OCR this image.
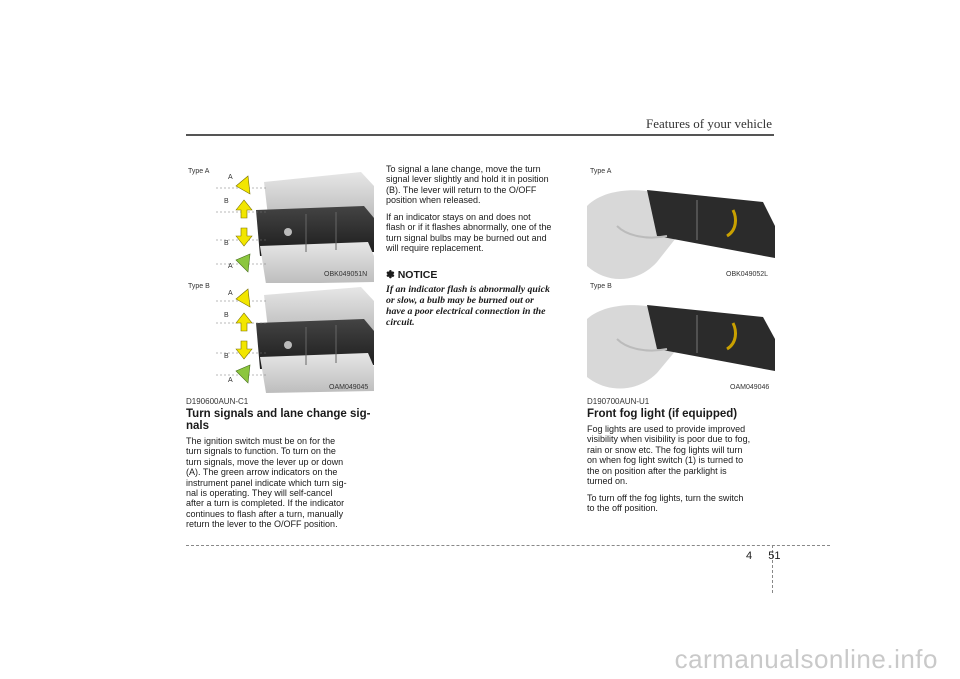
Features of your vehicle
Type A
A
B
B
A
OBK049051N
Type B
A
B
B
A
OAM049045
Type A
OBK049052L
Type B
OAM049046
D190600AUN-C1
Turn signals and lane change sig-
nals
The ignition switch must be on for the
turn signals to function. To turn on the
turn signals, move the lever up or down
(A). The green arrow indicators on the
instrument panel indicate which turn sig-
nal is operating. They will self-cancel
after a turn is completed. If the indicator
continues to flash after a turn, manually
return the lever to the O/OFF position.
To signal a lane change, move the turn
signal lever slightly and hold it in position
(B). The lever will return to the O/OFF
position when released.
If an indicator stays on and does not
flash or if it flashes abnormally, one of the
turn signal bulbs may be burned out and
will require replacement.
✽ NOTICE
If an indicator flash is abnormally quick
or slow, a bulb may be burned out or
have a poor electrical connection in the
circuit.
D190700AUN-U1
Front fog light (if equipped)
Fog lights are used to provide improved
visibility when visibility is poor due to fog,
rain or snow etc. The fog lights will turn
on when fog light switch (1) is turned to
the on position after the parklight is
turned on.
To turn off the fog lights, turn the switch
to the off position.
4 51
carmanualsonline.info
